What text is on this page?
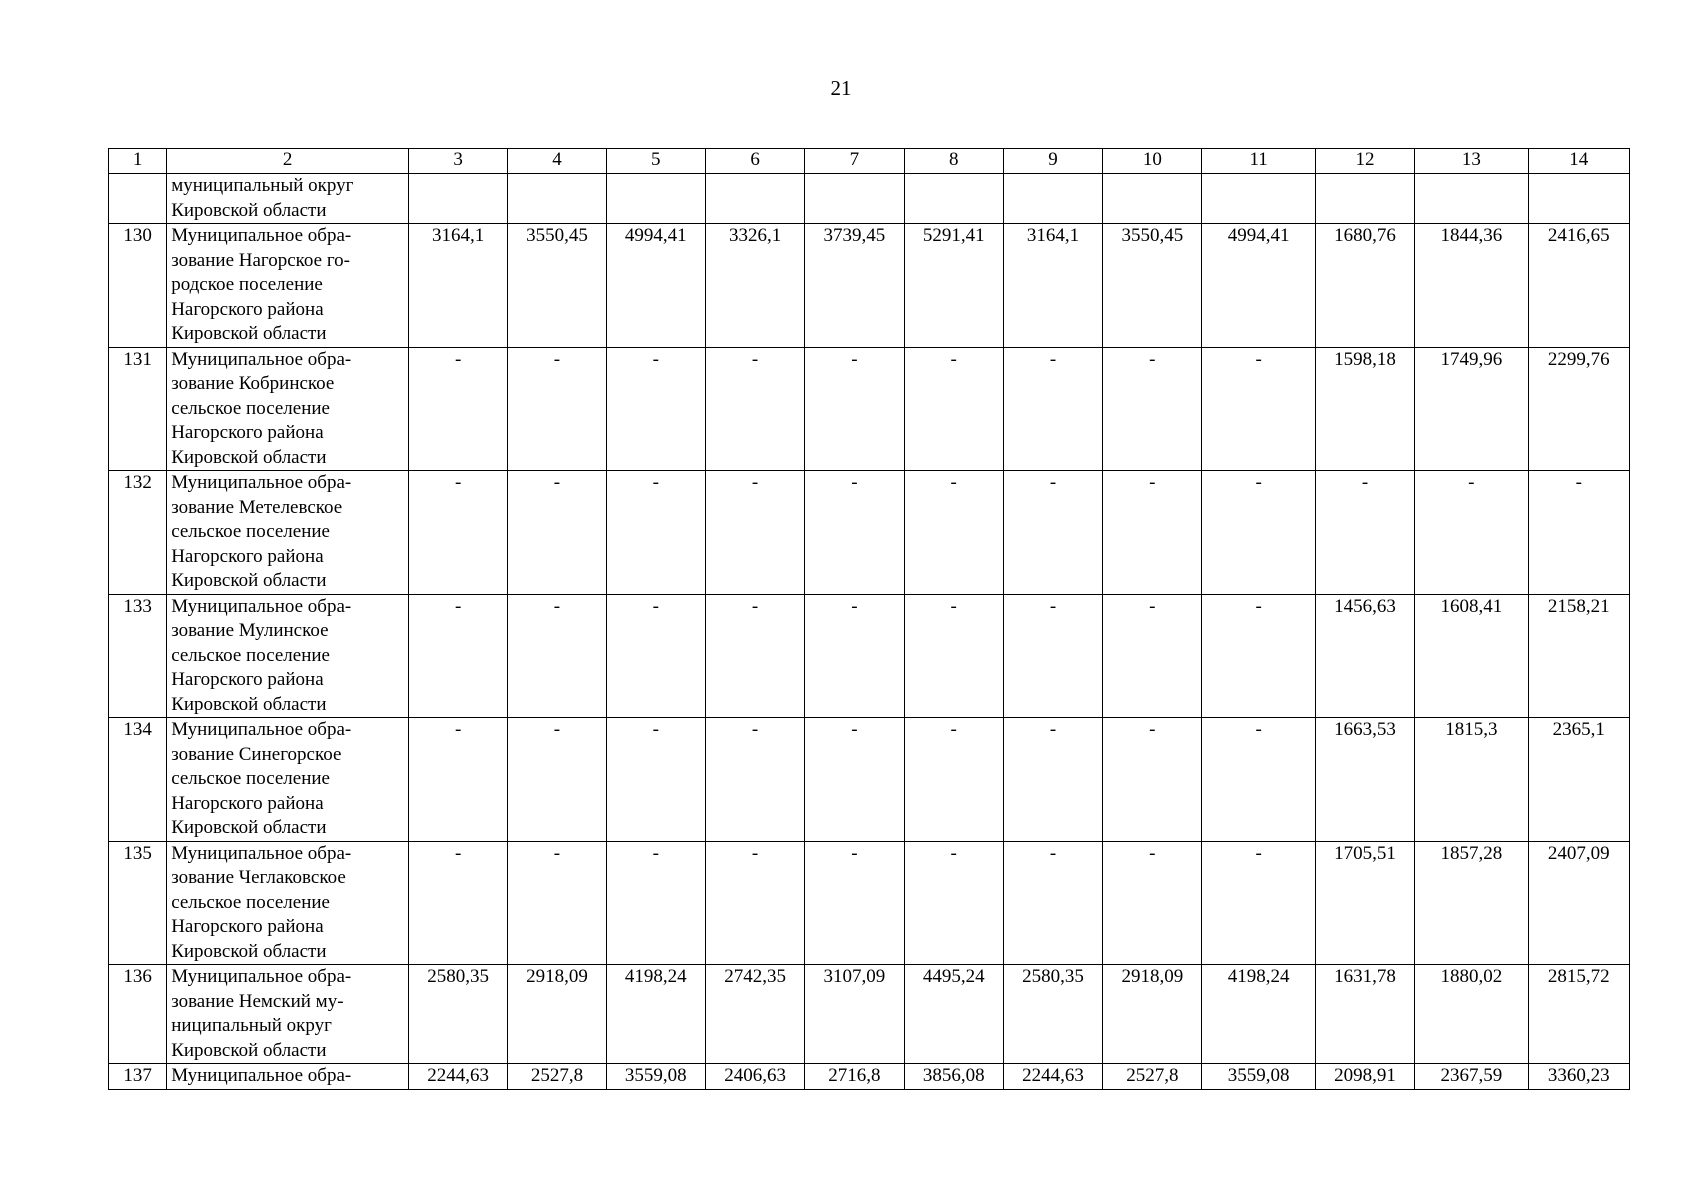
21
1	2	3	4	5	6	7	8	9	10	11	12	13	14
	муниципальный округ
Кировской области												
130	Муниципальное обра-
зование Нагорское го-
родское поселение
Нагорского района
Кировской области	3164,1	3550,45	4994,41	3326,1	3739,45	5291,41	3164,1	3550,45	4994,41	1680,76	1844,36	2416,65
131	Муниципальное обра-
зование Кобринское
сельское поселение
Нагорского района
Кировской области	-	-	-	-	-	-	-	-	-	1598,18	1749,96	2299,76
132	Муниципальное обра-
зование Метелевское
сельское поселение
Нагорского района
Кировской области	-	-	-	-	-	-	-	-	-	-	-	-
133	Муниципальное обра-
зование Мулинское
сельское поселение
Нагорского района
Кировской области	-	-	-	-	-	-	-	-	-	1456,63	1608,41	2158,21
134	Муниципальное обра-
зование Синегорское
сельское поселение
Нагорского района
Кировской области	-	-	-	-	-	-	-	-	-	1663,53	1815,3	2365,1
135	Муниципальное обра-
зование Чеглаковское
сельское поселение
Нагорского района
Кировской области	-	-	-	-	-	-	-	-	-	1705,51	1857,28	2407,09
136	Муниципальное обра-
зование Немский му-
ниципальный округ
Кировской области	2580,35	2918,09	4198,24	2742,35	3107,09	4495,24	2580,35	2918,09	4198,24	1631,78	1880,02	2815,72
137	Муниципальное обра-	2244,63	2527,8	3559,08	2406,63	2716,8	3856,08	2244,63	2527,8	3559,08	2098,91	2367,59	3360,23
